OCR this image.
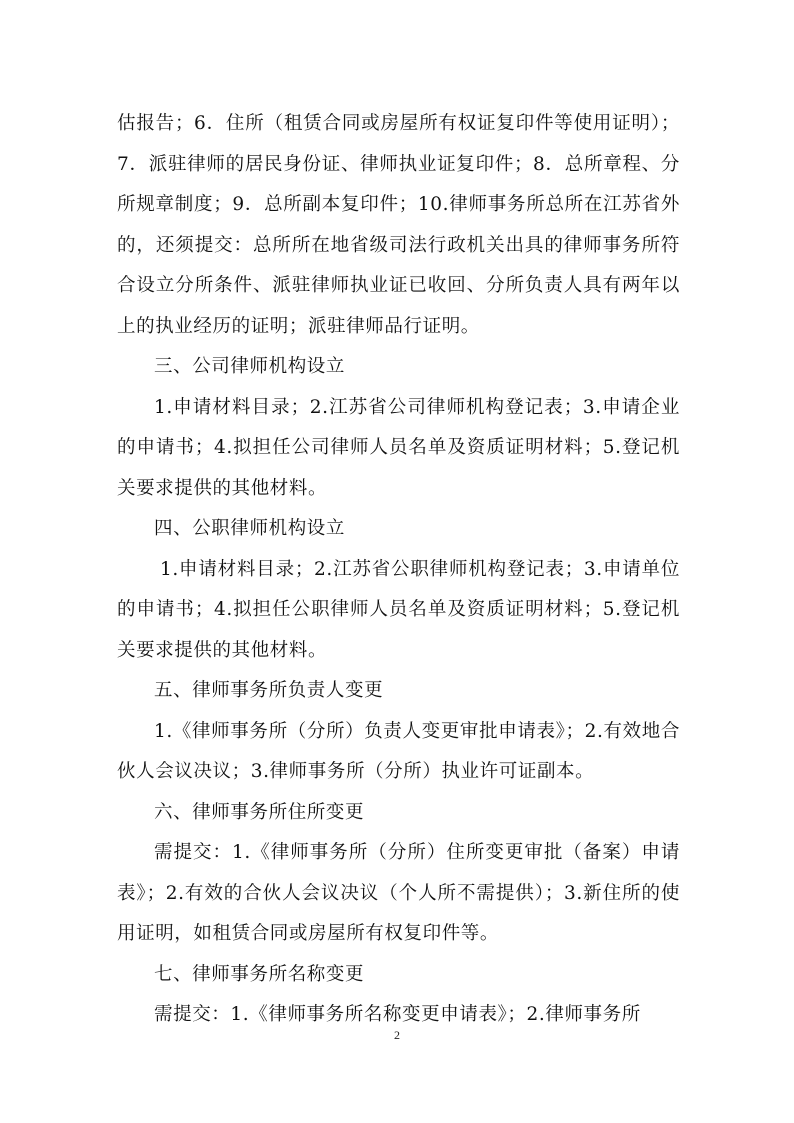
估报告；6．住所（租赁合同或房屋所有权证复印件等使用证明）；7．派驻律师的居民身份证、律师执业证复印件；8．总所章程、分所规章制度；9．总所副本复印件；10.律师事务所总所在江苏省外的，还须提交：总所所在地省级司法行政机关出具的律师事务所符合设立分所条件、派驻律师执业证已收回、分所负责人具有两年以上的执业经历的证明；派驻律师品行证明。

三、公司律师机构设立

1.申请材料目录；2.江苏省公司律师机构登记表；3.申请企业的申请书；4.拟担任公司律师人员名单及资质证明材料；5.登记机关要求提供的其他材料。

四、公职律师机构设立

1.申请材料目录；2.江苏省公职律师机构登记表；3.申请单位的申请书；4.拟担任公职律师人员名单及资质证明材料；5.登记机关要求提供的其他材料。

五、律师事务所负责人变更

1.《律师事务所（分所）负责人变更审批申请表》；2.有效地合伙人会议决议；3.律师事务所（分所）执业许可证副本。

六、律师事务所住所变更

需提交：1.《律师事务所（分所）住所变更审批（备案）申请表》；2.有效的合伙人会议决议（个人所不需提供）；3.新住所的使用证明，如租赁合同或房屋所有权复印件等。

七、律师事务所名称变更

需提交：1.《律师事务所名称变更申请表》；2.律师事务所

2
